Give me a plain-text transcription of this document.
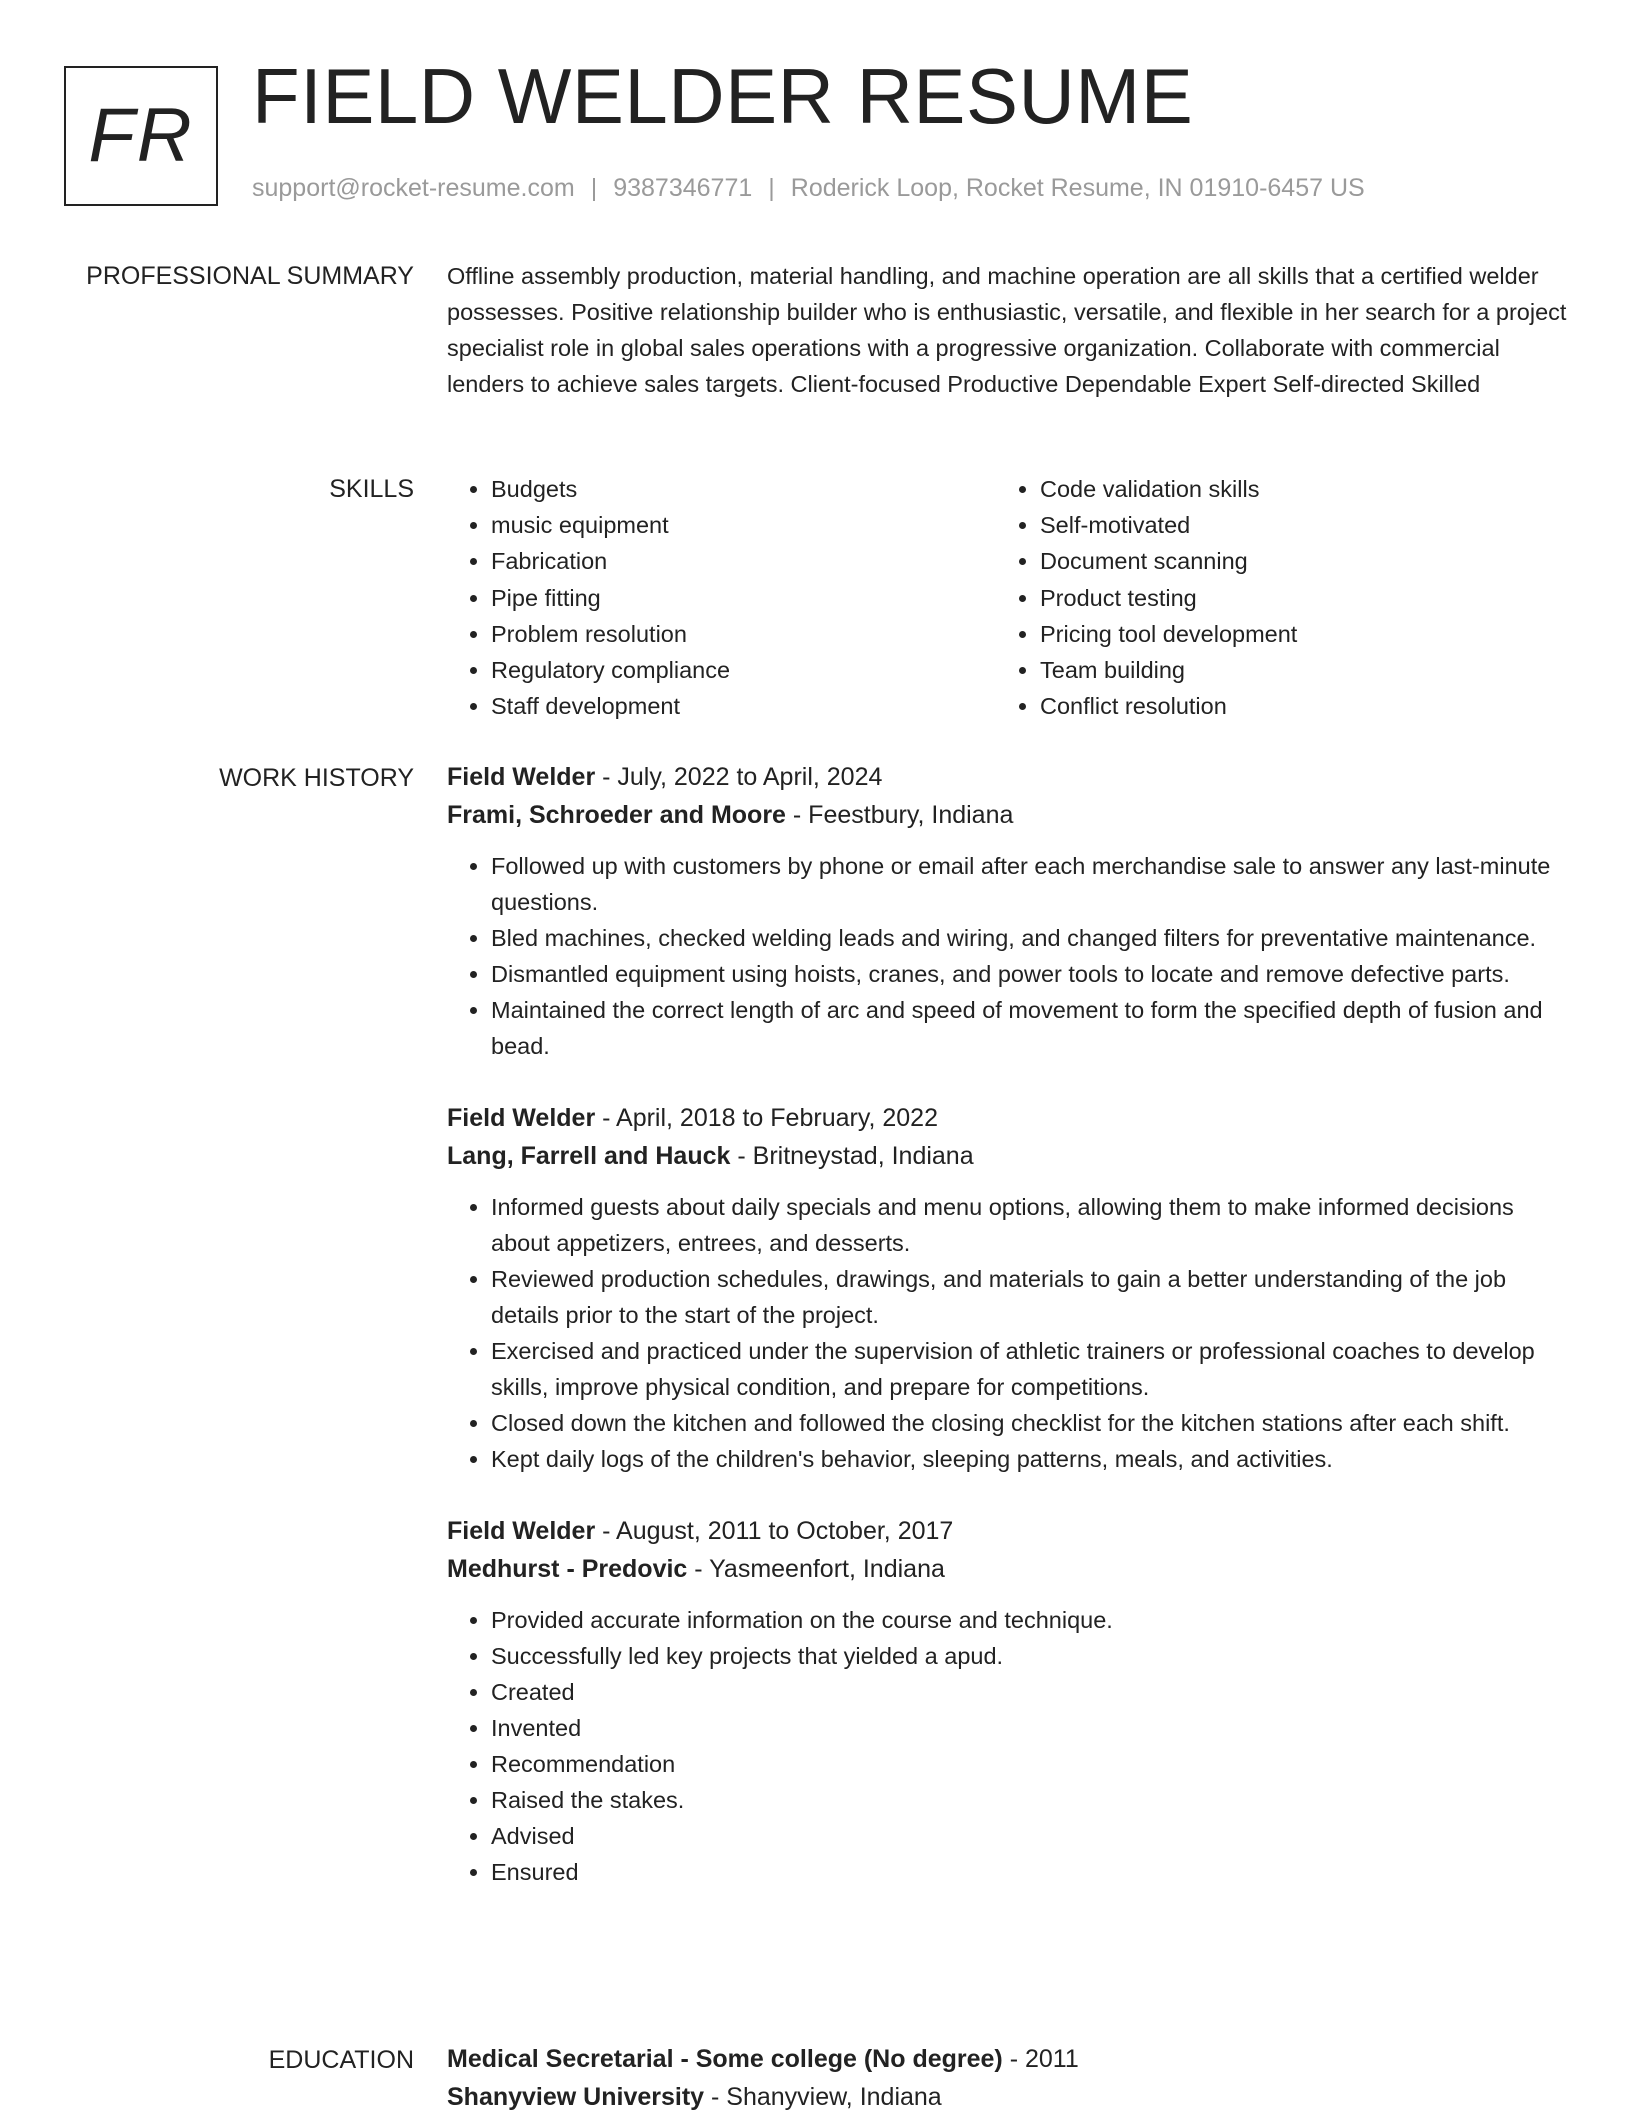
FR FIELD WELDER RESUME
support@rocket-resume.com | 9387346771 | Roderick Loop, Rocket Resume, IN 01910-6457 US
PROFESSIONAL SUMMARY Offline assembly production, material handling, and machine operation are all skills that a certified welder possesses. Positive relationship builder who is enthusiastic, versatile, and flexible in her search for a project specialist role in global sales operations with a progressive organization. Collaborate with commercial lenders to achieve sales targets. Client-focused Productive Dependable Expert Self-directed Skilled

SKILLS
•	Budgets
• music equipment
• Fabrication
• Pipe fitting
• Problem resolution
• Regulatory compliance
• Staff development
• Code validation skills
• Self-motivated
• Document scanning
• Product testing
• Pricing tool development
• Team building
• Conflict resolution
WORK HISTORY Field Welder - July, 2022 to April, 2024
Frami, Schroeder and Moore - Feestbury, Indiana
• Followed up with customers by phone or email after each merchandise sale to answer any last-minute questions.
• Bled machines, checked welding leads and wiring, and changed filters for preventative maintenance.
• Dismantled equipment using hoists, cranes, and power tools to locate and remove defective parts.
• Maintained the correct length of arc and speed of movement to form the specified depth of fusion and bead.
Field Welder - April, 2018 to February, 2022
Lang, Farrell and Hauck - Britneystad, Indiana
• Informed guests about daily specials and menu options, allowing them to make informed decisions about appetizers, entrees, and desserts.
• Reviewed production schedules, drawings, and materials to gain a better understanding of the job details prior to the start of the project.
• Exercised and practiced under the supervision of athletic trainers or professional coaches to develop skills, improve physical condition, and prepare for competitions.
• Closed down the kitchen and followed the closing checklist for the kitchen stations after each shift.
• Kept daily logs of the children's behavior, sleeping patterns, meals, and activities.
Field Welder - August, 2011 to October, 2017
Medhurst - Predovic - Yasmeenfort, Indiana
• Provided accurate information on the course and technique.
• Successfully led key projects that yielded a apud.
• Created
• Invented
• Recommendation
• Raised the stakes.
• Advised
• Ensured
EDUCATION Medical Secretarial - Some college (No degree) - 2011
Shanyview University - Shanyview, Indiana
